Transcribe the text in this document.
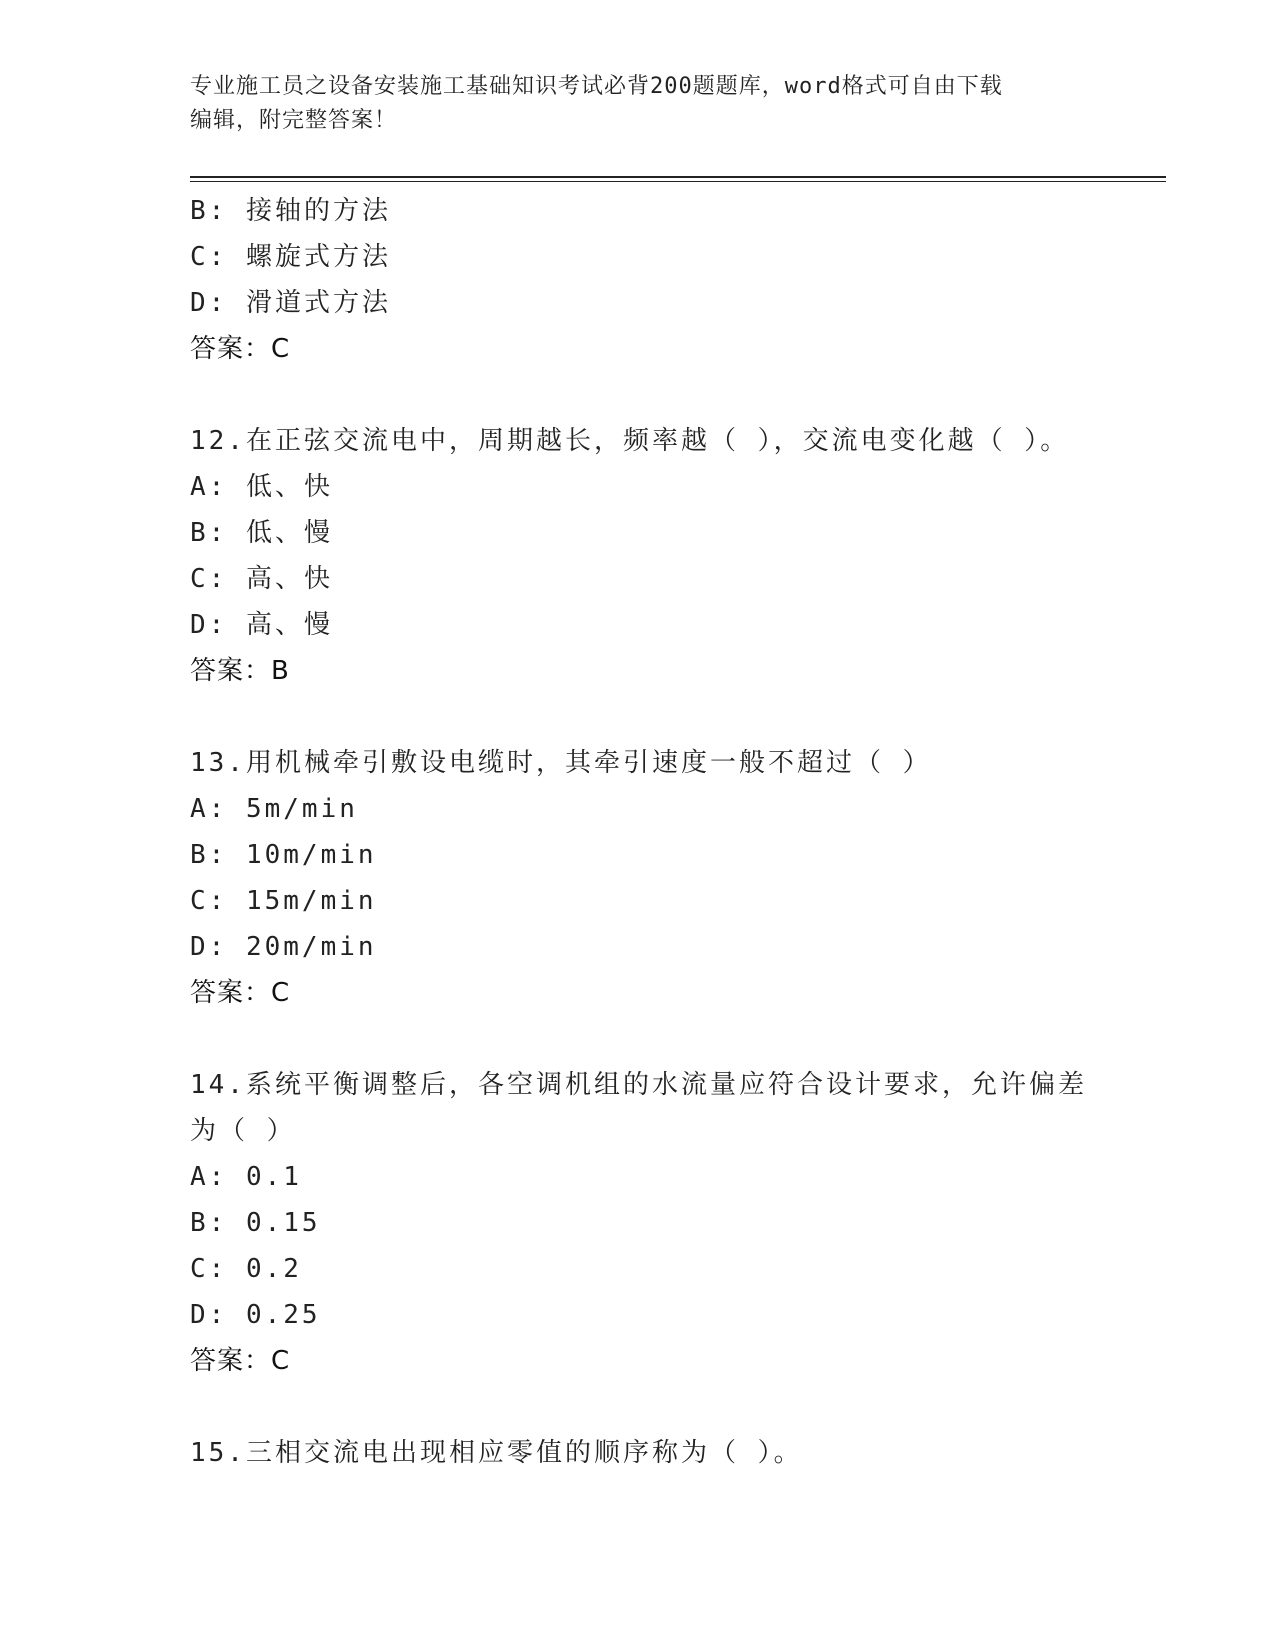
专业施工员之设备安装施工基础知识考试必背200题题库，word格式可自由下载
编辑，附完整答案！
B: 接轴的方法
C: 螺旋式方法
D: 滑道式方法
答案：C
12.在正弦交流电中，周期越长，频率越（ ），交流电变化越（ ）。
A: 低、快
B: 低、慢
C: 高、快
D: 高、慢
答案：B
13.用机械牵引敷设电缆时，其牵引速度一般不超过（ ）
A: 5m/min
B: 10m/min
C: 15m/min
D: 20m/min
答案：C
14.系统平衡调整后，各空调机组的水流量应符合设计要求，允许偏差
为（ ）
A: 0.1
B: 0.15
C: 0.2
D: 0.25
答案：C
15.三相交流电出现相应零值的顺序称为（ ）。
